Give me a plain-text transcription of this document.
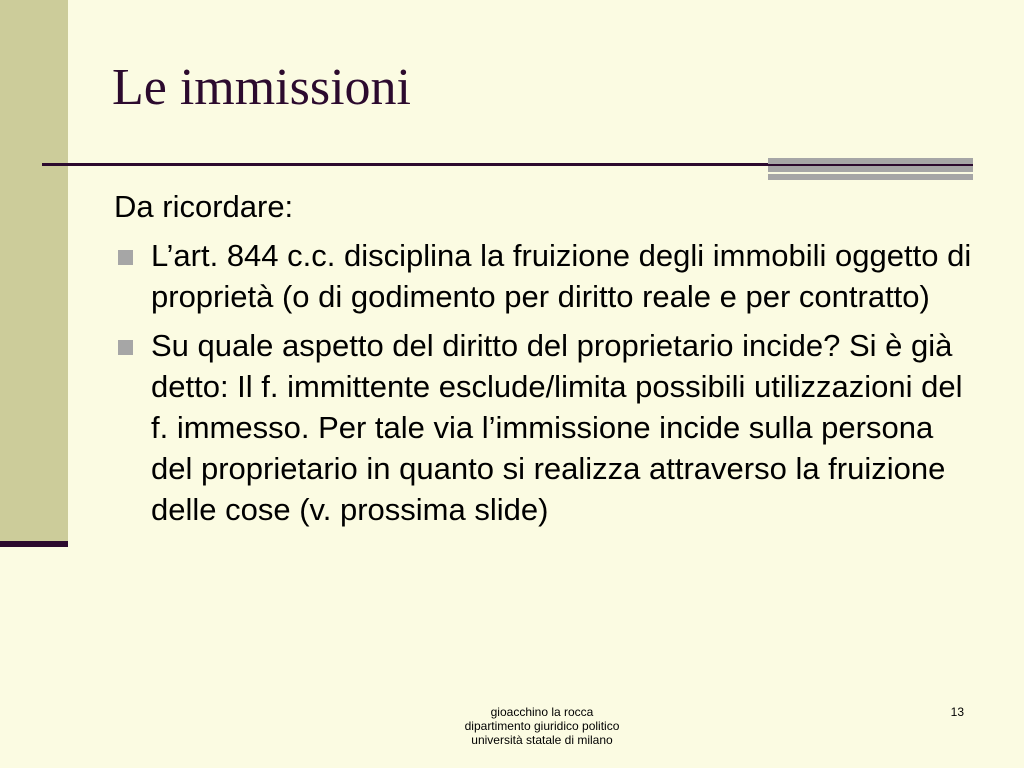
Le immissioni
Da ricordare:
L’art. 844 c.c. disciplina la fruizione degli immobili oggetto di proprietà (o di godimento per diritto reale e per contratto)
Su quale aspetto del diritto del proprietario incide? Si è già detto: Il f. immittente esclude/limita possibili utilizzazioni del f. immesso. Per tale via l’immissione incide sulla persona del proprietario in quanto si realizza attraverso la fruizione delle cose (v. prossima slide)
gioacchino la rocca
dipartimento giuridico politico
università statale di milano
13
